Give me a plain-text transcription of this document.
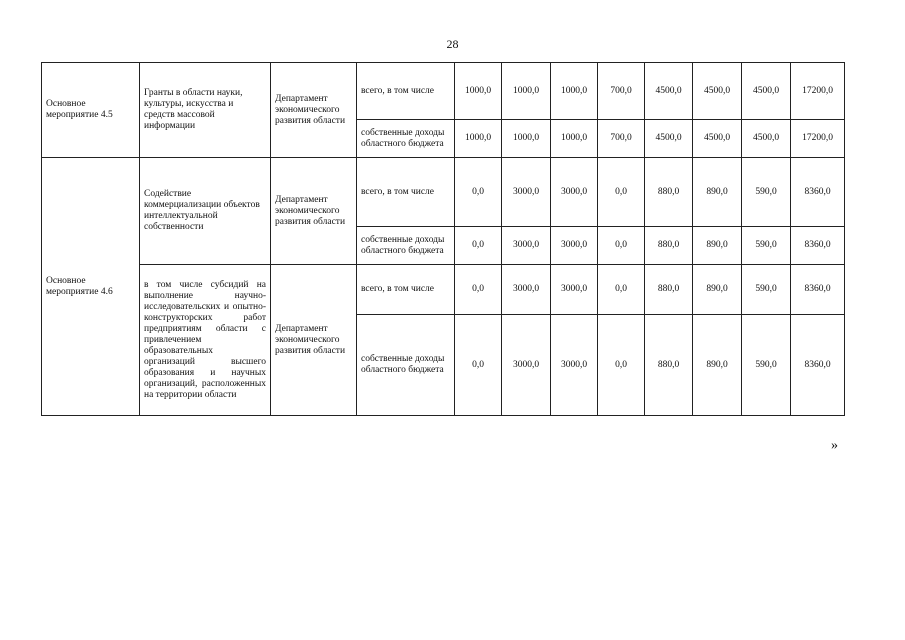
28
Основное мероприятие 4.5	Гранты в области науки, культуры, искусства и средств массовой информации	Департамент экономического развития области	всего, в том числе	1000,0	1000,0	1000,0	700,0	4500,0	4500,0	4500,0	17200,0
			собственные доходы областного бюджета	1000,0	1000,0	1000,0	700,0	4500,0	4500,0	4500,0	17200,0
Основное мероприятие 4.6	Содействие коммерциализации объектов интеллектуальной собственности	Департамент экономического развития области	всего, в том числе	0,0	3000,0	3000,0	0,0	880,0	890,0	590,0	8360,0
			собственные доходы областного бюджета	0,0	3000,0	3000,0	0,0	880,0	890,0	590,0	8360,0
	в том числе субсидий на выполнение научно-исследовательских и опытно-конструкторских работ предприятиям области с привлечением образовательных организаций высшего образования и научных организаций, расположенных на территории области	Департамент экономического развития области	всего, в том числе	0,0	3000,0	3000,0	0,0	880,0	890,0	590,0	8360,0
			собственные доходы областного бюджета	0,0	3000,0	3000,0	0,0	880,0	890,0	590,0	8360,0
»
